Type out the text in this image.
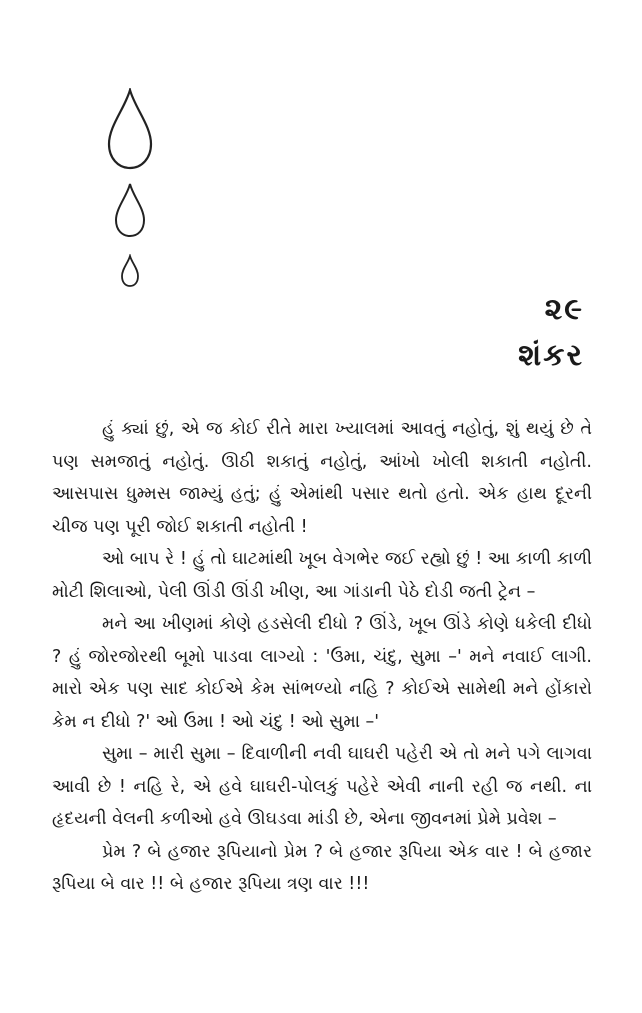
૨૯
શંકર

હું ક્યાં છું, એ જ કોઈ રીતે મારા ખ્યાલમાં આવતું નહોતું, શું થયું છે તે પણ સમજાતું નહોતું. ઊઠી શકાતું નહોતું, આંખો ખોલી શકાતી નહોતી. આસપાસ ધુમ્મસ જામ્યું હતું; હું એમાંથી પસાર થતો હતો. એક હાથ દૂરની ચીજ પણ પૂરી જોઈ શકાતી નહોતી !

ઓ બાપ રે ! હું તો ઘાટમાંથી ખૂબ વેગભેર જઈ રહ્યો છું ! આ કાળી કાળી મોટી શિલાઓ, પેલી ઊંડી ઊંડી ખીણ, આ ગાંડાની પેઠે દોડી જતી ટ્રેન –

મને આ ખીણમાં કોણે હડસેલી દીધો ? ઊંડે, ખૂબ ઊંડે કોણે ધકેલી દીધો ? હું જોરજોરથી બૂમો પાડવા લાગ્યો : 'ઉમા, ચંદુ, સુમા –' મને નવાઈ લાગી. મારો એક પણ સાદ કોઈએ કેમ સાંભળ્યો નહિ ? કોઈએ સામેથી મને હોંકારો કેમ ન દીધો ?' ઓ ઉમા ! ઓ ચંદુ ! ઓ સુમા –'

સુમા – મારી સુમા – દિવાળીની નવી ઘાઘરી પહેરી એ તો મને પગે લાગવા આવી છે ! નહિ રે, એ હવે ઘાઘરી-પોલકું પહેરે એવી નાની રહી જ નથી. ના હૃદયની વેલની કળીઓ હવે ઊઘડવા માંડી છે, એના જીવનમાં પ્રેમે પ્રવેશ –

પ્રેમ ? બે હજાર રૂપિયાનો પ્રેમ ? બે હજાર રૂપિયા એક વાર ! બે હજાર રૂપિયા બે વાર !! બે હજાર રૂપિયા ત્રણ વાર !!!
